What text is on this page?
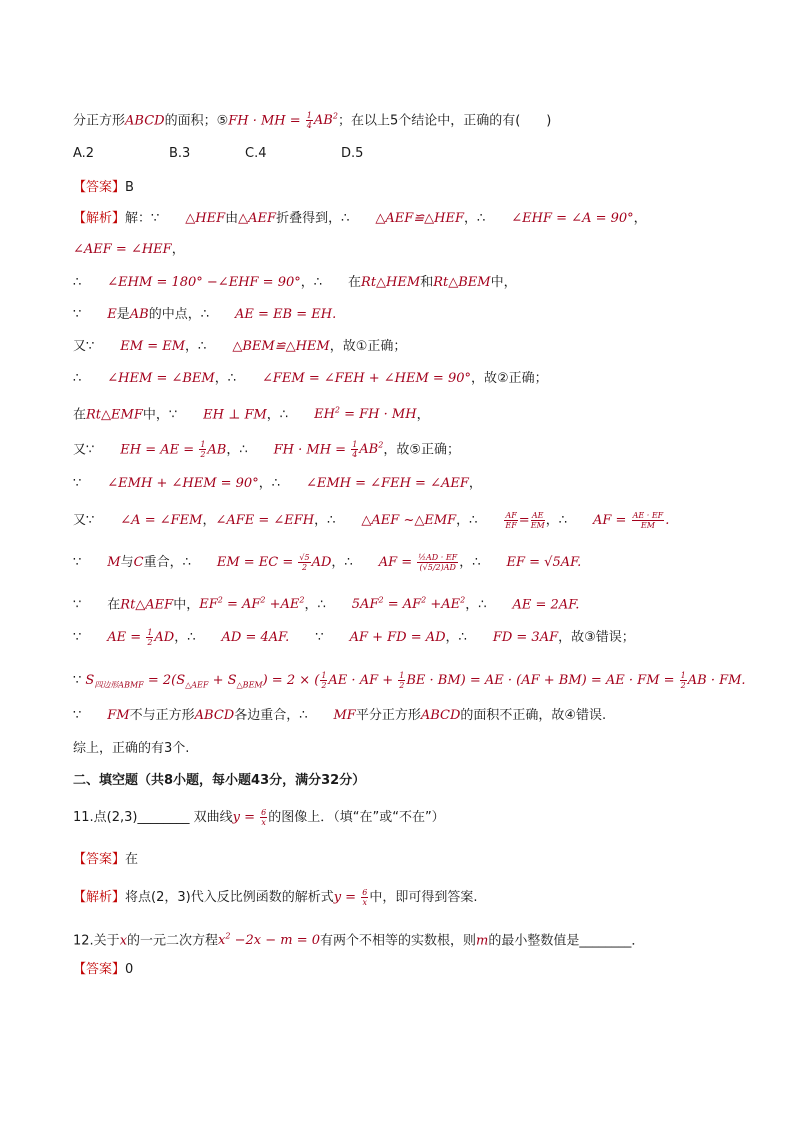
分正方形ABCD的面积；⑤FH · MH = $\frac{1}{4} AB^2$；在以上5个结论中，正确的有(　　)
A.2	B.3	C.4	D.5
【答案】B
【解析】解：∵　　△HEF由△AEF折叠得到，∴　　△AEF≌△HEF，∴　　∠EHF = ∠A = 90°，
∠AEF = ∠HEF，
∴　　∠EHM = 180° −∠EHF = 90°，∴　　在Rt△HEM和Rt△BEM中，
∵　　E是AB的中点，∴　　AE = EB = EH.
又∵　　EM = EM，∴　　△BEM≌△HEM，故①正确；
∴　　∠HEM = ∠BEM，∴　　∠FEM = ∠FEH + ∠HEM = 90°，故②正确；
在Rt△EMF中，∵　　EH ⊥ FM，∴　　$EH^2$ = FH · MH，
又∵　　EH = AE = $\frac{1}{2}$ AB，∴　　FH · MH = $\frac{1}{4} AB^2$，故⑤正确；
∵　　∠EMH + ∠HEM = 90°，∴　　∠EMH = ∠FEH = ∠AEF，
又∵　　∠A = ∠FEM，∠AFE = ∠EFH，∴　　△AEF ~△EMF，∴　　 $\frac{AF}{EF} = \frac{AE}{EM}$ ，∴　　AF = $\frac{AE \cdot EF}{EM}$ .
∵　　M与C重合，∴　　EM = EC = $\frac{√5}{2}$ AD，∴　　AF = $\frac{\text{½AD · EF}}{(√5/2)AD}$ ，∴　　EF = √5AF.
∵　　在Rt△AEF中，$EF^2 = AF^2 +AE^2$，∴　　$5AF^2 = AF^2 +AE^2$，∴　　AE = 2AF.
∵　　AE = $\frac{1}{2}$ AD，∴　　AD = 4AF.　　∵　　AF + FD = AD，∴　　FD = 3AF，故③错误；
∵ $S_{四边形ABMF} = 2(S_{\triangle AEF} + S_{\triangle BEM}) = 2$ × ( $\frac{1}{2}$ AE · AF + $\frac{1}{2}$ BE · BM) = AE · (AF + BM) = AE · FM = $\frac{1}{2}$ AB · FM.
∵　　FM不与正方形ABCD各边重合，∴　　MF平分正方形ABCD的面积不正确，故④错误.
综上，正确的有3个.
二、填空题（共8小题，每小题43分，满分32分）
11.点(2,3)________ 双曲线$y = \frac{6}{x}$ 的图像上．（填“在”或“不在”）
【答案】在
【解析】将点(2，3)代入反比例函数的解析式$y = \frac{6}{x}$ 中，即可得到答案.
12.关于x的一元二次方程$x^2 -2x - m = 0$有两个不相等的实数根，则m的最小整数值是________．
【答案】0
